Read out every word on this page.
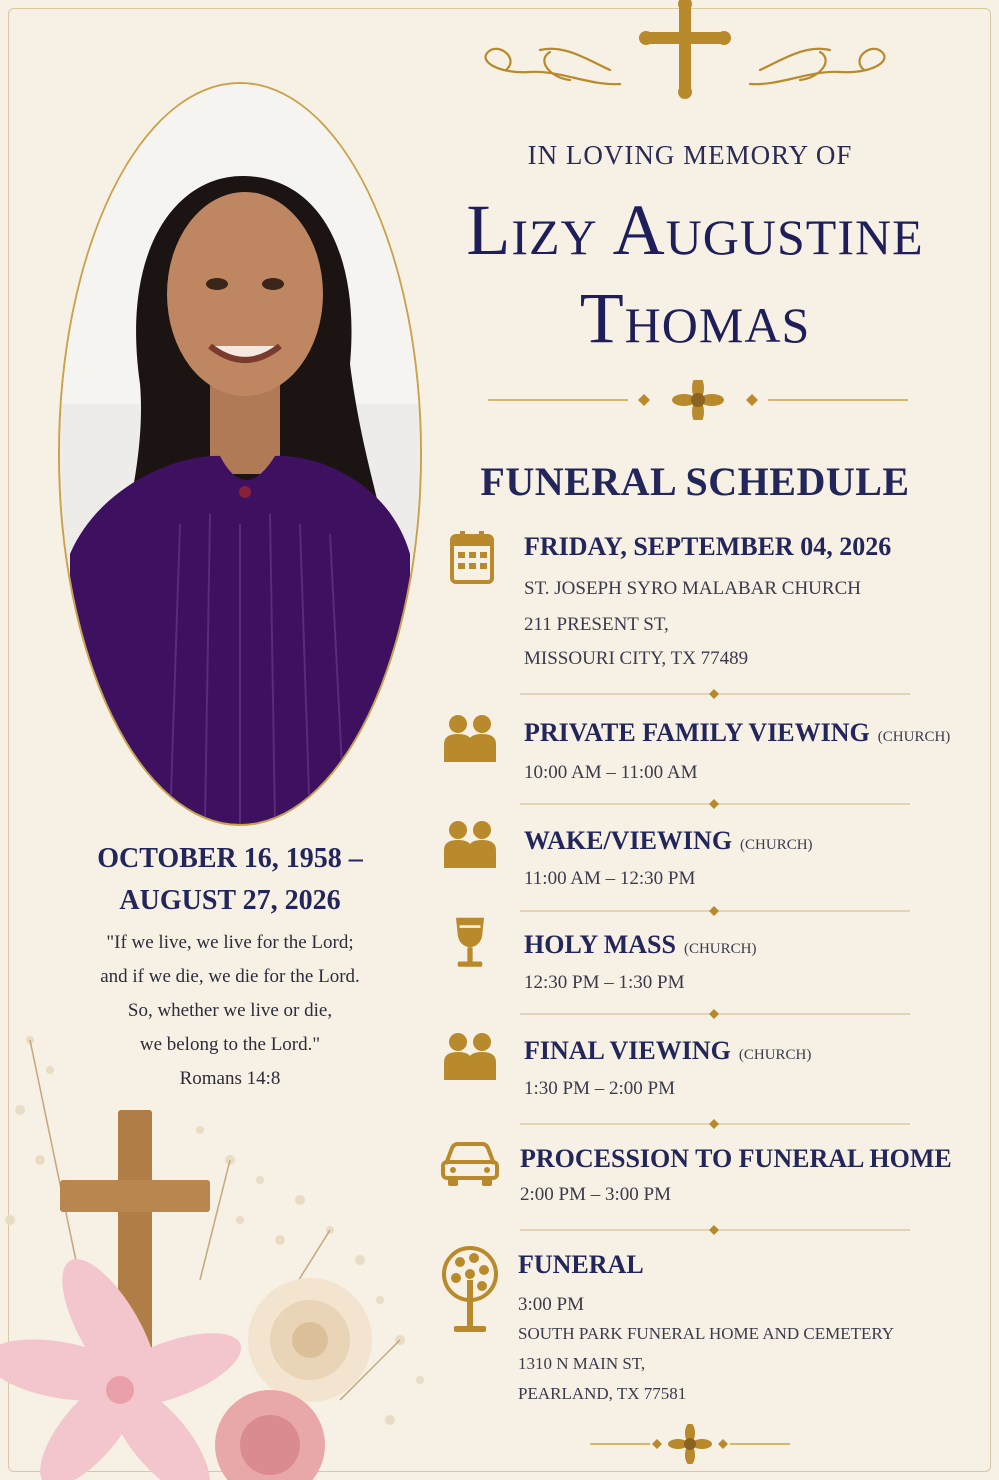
OCTOBER 16, 1958 –
AUGUST 27, 2026
"If we live, we live for the Lord;
and if we die, we die for the Lord.
So, whether we live or die,
we belong to the Lord."
Romans 14:8
IN LOVING MEMORY OF
Lizy Augustine
Thomas
FUNERAL SCHEDULE
FRIDAY, SEPTEMBER 04, 2026
ST. JOSEPH SYRO MALABAR CHURCH
211 PRESENT ST,
MISSOURI CITY, TX 77489
PRIVATE FAMILY VIEWING (CHURCH)
10:00 AM – 11:00 AM
WAKE/VIEWING (CHURCH)
11:00 AM – 12:30 PM
HOLY MASS (CHURCH)
12:30 PM – 1:30 PM
FINAL VIEWING (CHURCH)
1:30 PM – 2:00 PM
PROCESSION TO FUNERAL HOME
2:00 PM – 3:00 PM
FUNERAL
3:00 PM
SOUTH PARK FUNERAL HOME AND CEMETERY
1310 N MAIN ST,
PEARLAND, TX 77581
